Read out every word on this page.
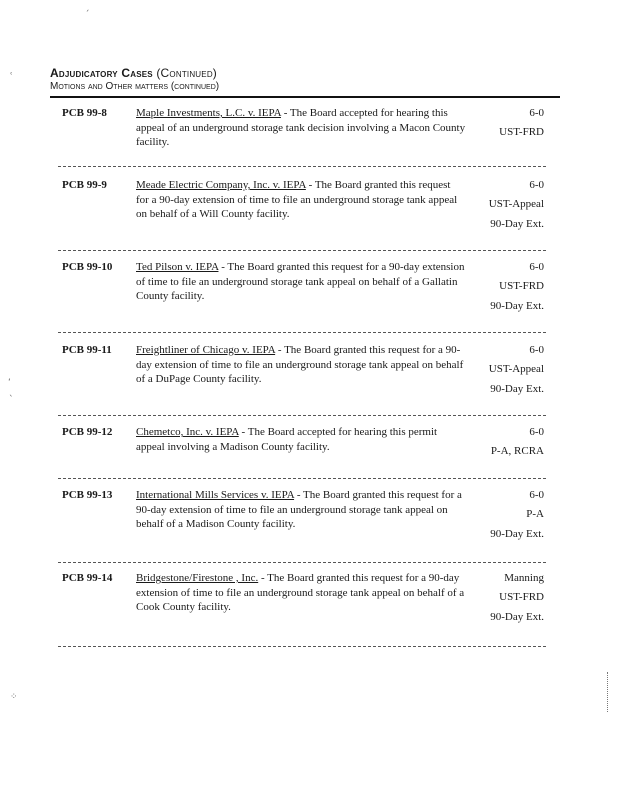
Adjudicatory Cases (Continued)
Motions and Other matters (continued)
PCB 99-8	Maple Investments, L.C. v. IEPA - The Board accepted for hearing this appeal of an underground storage tank decision involving a Macon County facility.
6-0
UST-FRD
PCB 99-9	Meade Electric Company, Inc. v. IEPA - The Board granted this request for a 90-day extension of time to file an underground storage tank appeal on behalf of a Will County facility.
6-0
UST-Appeal
90-Day Ext.
PCB 99-10	Ted Pilson v. IEPA - The Board granted this request for a 90-day extension of time to file an underground storage tank appeal on behalf of a Gallatin County facility.
6-0
UST-FRD
90-Day Ext.
PCB 99-11	Freightliner of Chicago v. IEPA - The Board granted this request for a 90-day extension of time to file an underground storage tank appeal on behalf of a DuPage County facility.
6-0
UST-Appeal
90-Day Ext.
PCB 99-12	Chemetco, Inc. v. IEPA - The Board accepted for hearing this permit appeal involving a Madison County facility.
6-0
P-A, RCRA
PCB 99-13	International Mills Services v. IEPA - The Board granted this request for a 90-day extension of time to file an underground storage tank appeal on behalf of a Madison County facility.
6-0
P-A
90-Day Ext.
PCB 99-14	Bridgestone/Firestone , Inc. - The Board granted this request for a 90-day extension of time to file an underground storage tank appeal on behalf of a Cook County facility.
Manning
UST-FRD
90-Day Ext.
ˊ
ʿ
ʻ
`
⁘
